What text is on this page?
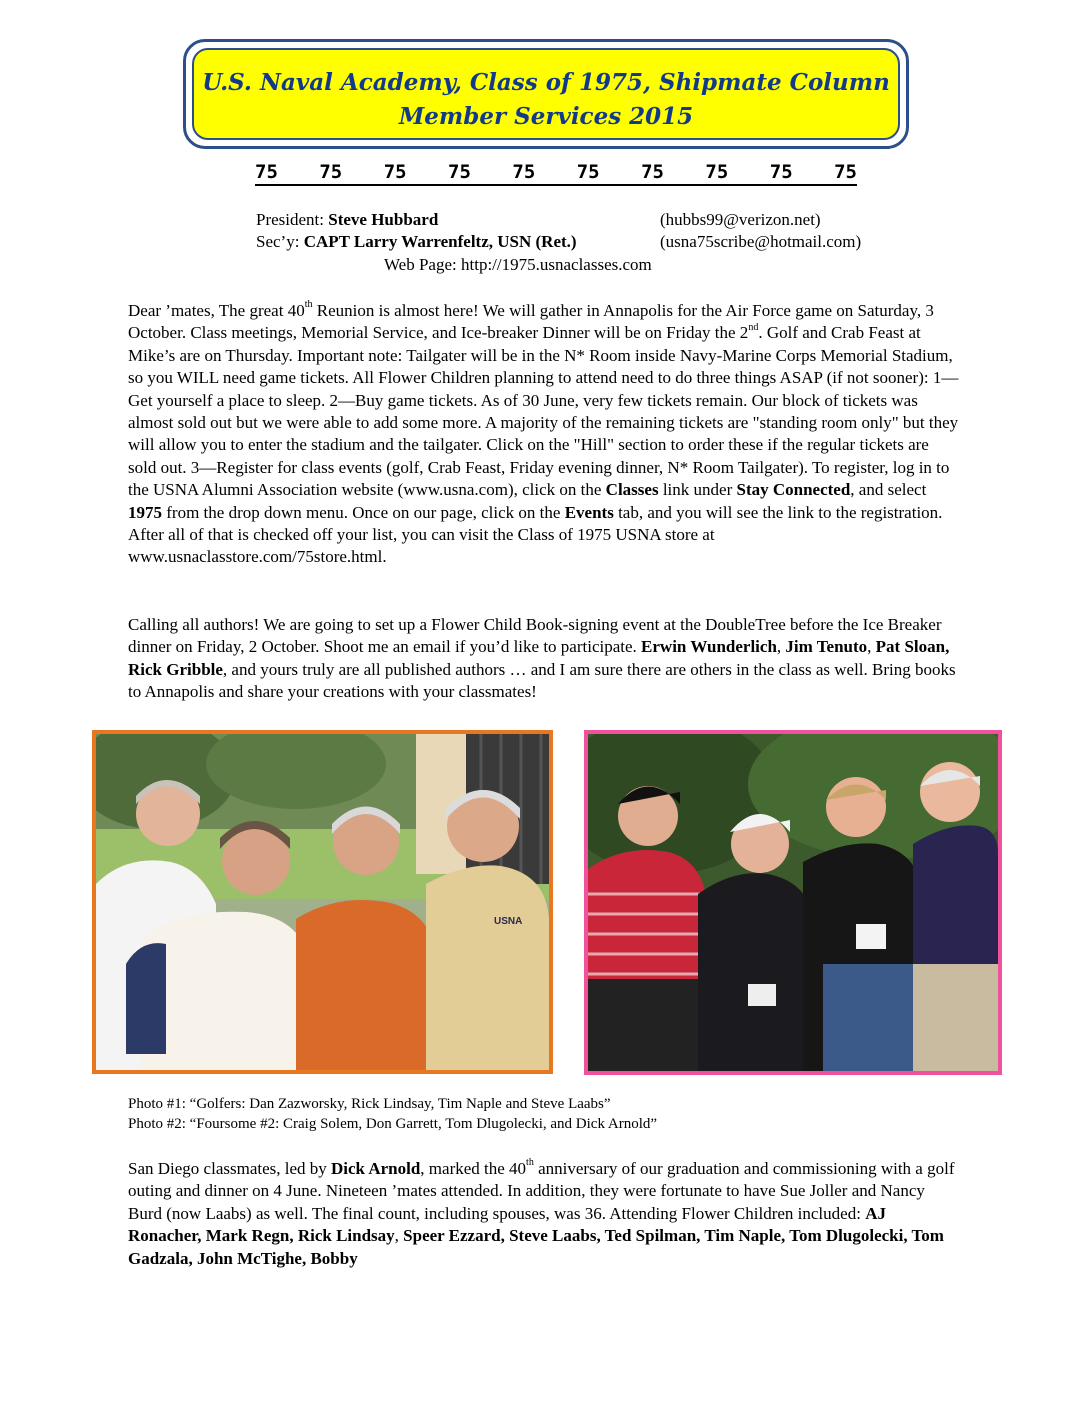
U.S. Naval Academy, Class of 1975, Shipmate Column
Member Services 2015
75 75 75 75 75 75 75 75 75 75
President: Steve Hubbard	(hubbs99@verizon.net)
Sec’y: CAPT Larry Warrenfeltz, USN (Ret.)	(usna75scribe@hotmail.com)
Web Page: http://1975.usnaclasses.com

Dear ’mates, The great 40th Reunion is almost here! We will gather in Annapolis for the Air Force game on Saturday, 3 October. Class meetings, Memorial Service, and Ice-breaker Dinner will be on Friday the 2nd. Golf and Crab Feast at Mike’s are on Thursday. Important note: Tailgater will be in the N* Room inside Navy-Marine Corps Memorial Stadium, so you WILL need game tickets. All Flower Children planning to attend need to do three things ASAP (if not sooner): 1—Get yourself a place to sleep. 2—Buy game tickets. As of 30 June, very few tickets remain. Our block of tickets was almost sold out but we were able to add some more. A majority of the remaining tickets are "standing room only" but they will allow you to enter the stadium and the tailgater. Click on the "Hill" section to order these if the regular tickets are sold out. 3—Register for class events (golf, Crab Feast, Friday evening dinner, N* Room Tailgater). To register, log in to the USNA Alumni Association website (www.usna.com), click on the Classes link under Stay Connected, and select 1975 from the drop down menu. Once on our page, click on the Events tab, and you will see the link to the registration. After all of that is checked off your list, you can visit the Class of 1975 USNA store at www.usnaclasstore.com/75store.html.

Calling all authors! We are going to set up a Flower Child Book-signing event at the DoubleTree before the Ice Breaker dinner on Friday, 2 October. Shoot me an email if you’d like to participate. Erwin Wunderlich, Jim Tenuto, Pat Sloan, Rick Gribble, and yours truly are all published authors … and I am sure there are others in the class as well. Bring books to Annapolis and share your creations with your classmates!

USNA
Photo #1: “Golfers: Dan Zazworsky, Rick Lindsay, Tim Naple and Steve Laabs”
Photo #2: “Foursome #2: Craig Solem, Don Garrett, Tom Dlugolecki, and Dick Arnold”

San Diego classmates, led by Dick Arnold, marked the 40th anniversary of our graduation and commissioning with a golf outing and dinner on 4 June. Nineteen ’mates attended. In addition, they were fortunate to have Sue Joller and Nancy Burd (now Laabs) as well. The final count, including spouses, was 36. Attending Flower Children included: AJ Ronacher, Mark Regn, Rick Lindsay, Speer Ezzard, Steve Laabs, Ted Spilman, Tim Naple, Tom Dlugolecki, Tom Gadzala, John McTighe, Bobby
